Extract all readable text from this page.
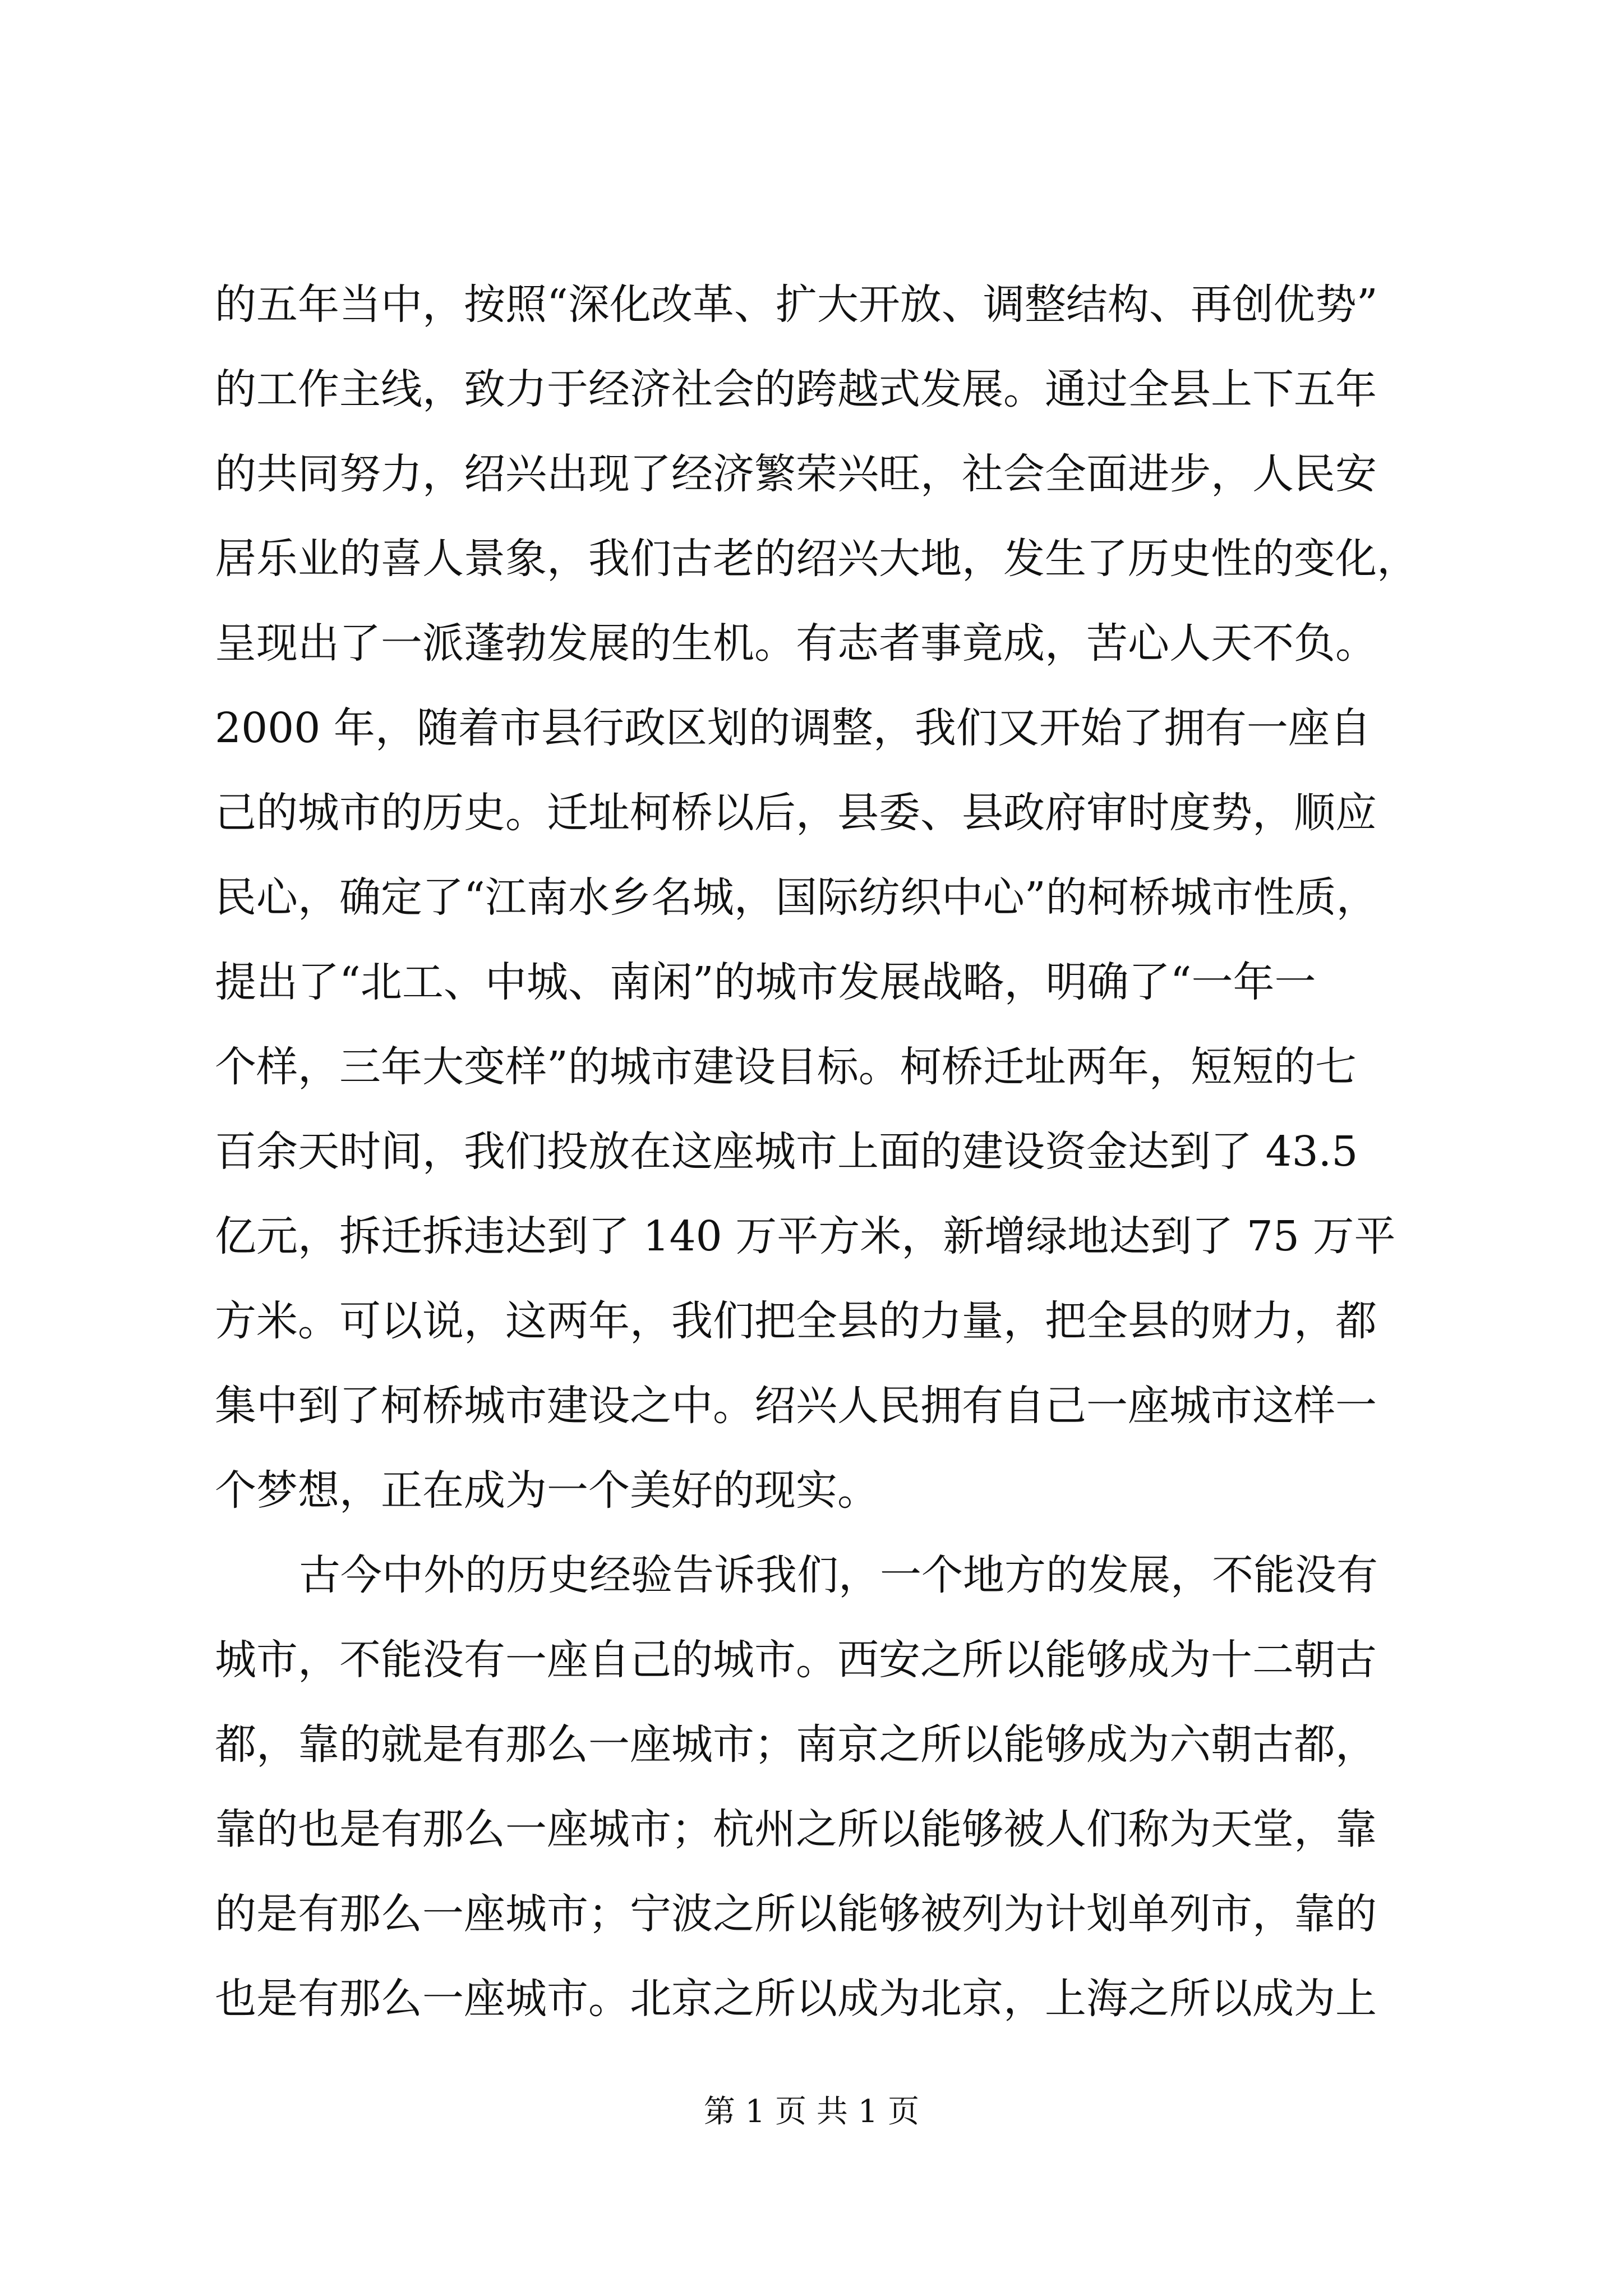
的五年当中，按照“深化改革、扩大开放、调整结构、再创优势”
的工作主线，致力于经济社会的跨越式发展。通过全县上下五年
的共同努力，绍兴出现了经济繁荣兴旺，社会全面进步，人民安
居乐业的喜人景象，我们古老的绍兴大地，发生了历史性的变化，
呈现出了一派蓬勃发展的生机。有志者事竟成，苦心人天不负。
2000 年，随着市县行政区划的调整，我们又开始了拥有一座自
己的城市的历史。迁址柯桥以后，县委、县政府审时度势，顺应
民心，确定了“江南水乡名城，国际纺织中心”的柯桥城市性质，
提出了“北工、中城、南闲”的城市发展战略，明确了“一年一
个样，三年大变样”的城市建设目标。柯桥迁址两年，短短的七
百余天时间，我们投放在这座城市上面的建设资金达到了 43.5
亿元，拆迁拆违达到了 140 万平方米，新增绿地达到了 75 万平
方米。可以说，这两年，我们把全县的力量，把全县的财力，都
集中到了柯桥城市建设之中。绍兴人民拥有自己一座城市这样一
个梦想，正在成为一个美好的现实。
古今中外的历史经验告诉我们，一个地方的发展，不能没有
城市，不能没有一座自己的城市。西安之所以能够成为十二朝古
都，靠的就是有那么一座城市；南京之所以能够成为六朝古都，
靠的也是有那么一座城市；杭州之所以能够被人们称为天堂，靠
的是有那么一座城市；宁波之所以能够被列为计划单列市，靠的
也是有那么一座城市。北京之所以成为北京，上海之所以成为上
第 1 页 共 1 页
